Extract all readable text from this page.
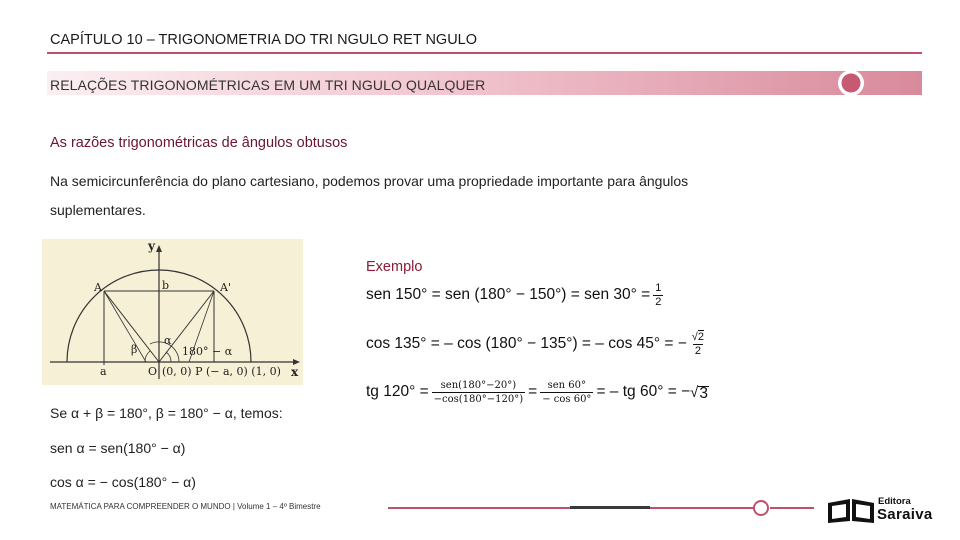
CAPÍTULO 10 – TRIGONOMETRIA DO TRI NGULO RET NGULO
RELAÇÕES TRIGONOMÉTRICAS EM UM TRI NGULO QUALQUER
As razões trigonométricas de ângulos obtusos
Na semicircunferência do plano cartesiano, podemos provar uma propriedade importante para ângulos
suplementares.
y
x
A	A'
b
a	O
β
α
180° − α
(0, 0) P (− a, 0) (1, 0)
Exemplo
sen 150° = sen (180° − 150°) = sen $30^\circ = \frac{1}{2}$
cos 135° = – cos (180° − 135°) = – cos 45° = − $\frac{√2}{2}$
tg $120^\circ = \frac{\text{sen(180°−20°)}}{-\cos(180^\circ-120^\circ)} = \frac{\text{sen 60°}}{- \cos 60^\circ}$ = – tg 60° = − √ 3
Se α + β = 180°, β = 180° − α, temos:
sen α = sen(180° − α)
cos α = − cos(180° − α)
MATEMÁTICA PARA COMPREENDER O MUNDO | Volume 1 – 4º Bimestre	Editora
Saraiva
